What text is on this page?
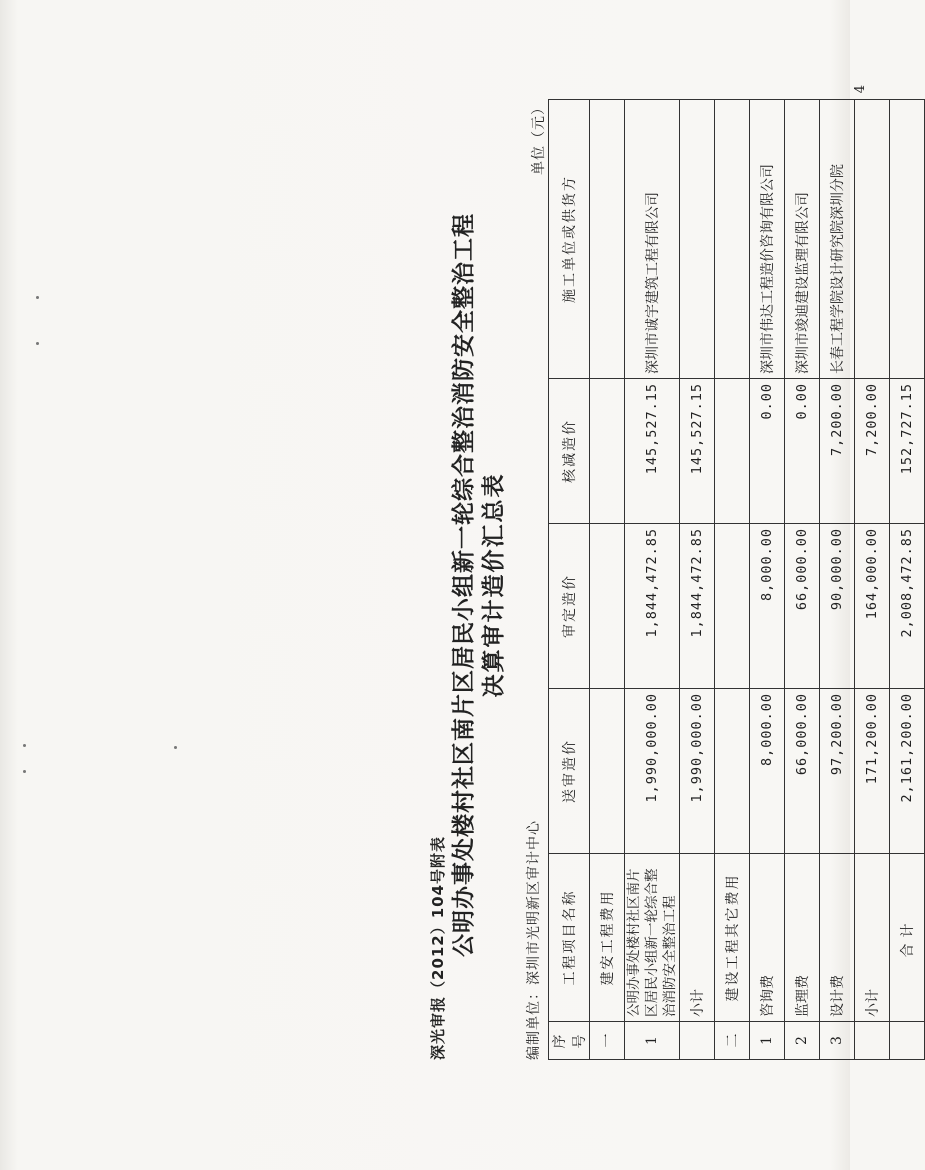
深光审报（2012）104号附表 公明办事处楼村社区南片区居民小组新一轮综合整治消防安全整治工程 决算审计造价汇总表
编制单位：深圳市光明新区审计中心
单位（元）
4
序号	工程项目名称	送审造价	审定造价	核减造价	施工单位或供货方
一	建安工程费用				
1	公明办事处楼村社区南片区居民小组新一轮综合整治消防安全整治工程	1,990,000.00	1,844,472.85	145,527.15	深圳市诚宇建筑工程有限公司
	小计	1,990,000.00	1,844,472.85	145,527.15	
二	建设工程其它费用				
1	咨询费	8,000.00	8,000.00	0.00	深圳市伟达工程造价咨询有限公司
2	监理费	66,000.00	66,000.00	0.00	深圳市竣迪建设监理有限公司
3	设计费	97,200.00	90,000.00	7,200.00	长春工程学院设计研究院深圳分院
	小计	171,200.00	164,000.00	7,200.00	
	合计	2,161,200.00	2,008,472.85	152,727.15	
